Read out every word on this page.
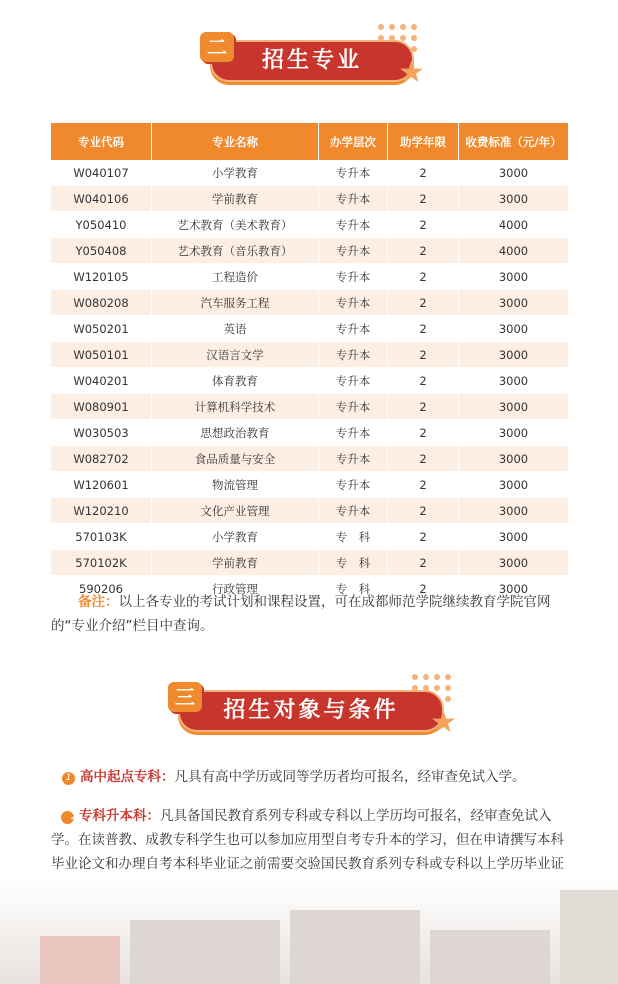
招生专业
二
★
专业代码	专业名称	办学层次	助学年限	收费标准（元/年）
W040107	小学教育	专升本	2	3000
W040106	学前教育	专升本	2	3000
Y050410	艺术教育（美术教育）	专升本	2	4000
Y050408	艺术教育（音乐教育）	专升本	2	4000
W120105	工程造价	专升本	2	3000
W080208	汽车服务工程	专升本	2	3000
W050201	英语	专升本	2	3000
W050101	汉语言文学	专升本	2	3000
W040201	体育教育	专升本	2	3000
W080901	计算机科学技术	专升本	2	3000
W030503	思想政治教育	专升本	2	3000
W082702	食品质量与安全	专升本	2	3000
W120601	物流管理	专升本	2	3000
W120210	文化产业管理	专升本	2	3000
570103K	小学教育	专　科	2	3000
570102K	学前教育	专　科	2	3000
590206	行政管理	专　科	2	3000
备注：以上各专业的考试计划和课程设置，可在成都师范学院继续教育学院官网的“专业介绍”栏目中查询。
招生对象与条件
三
★
1 高中起点专科：凡具有高中学历或同等学历者均可报名，经审查免试入学。
2 专科升本科：凡具备国民教育系列专科或专科以上学历均可报名，经审查免试入学。在读普教、成教专科学生也可以参加应用型自考专升本的学习，但在申请撰写本科毕业论文和办理自考本科毕业证之前需要交验国民教育系列专科或专科以上学历毕业证
